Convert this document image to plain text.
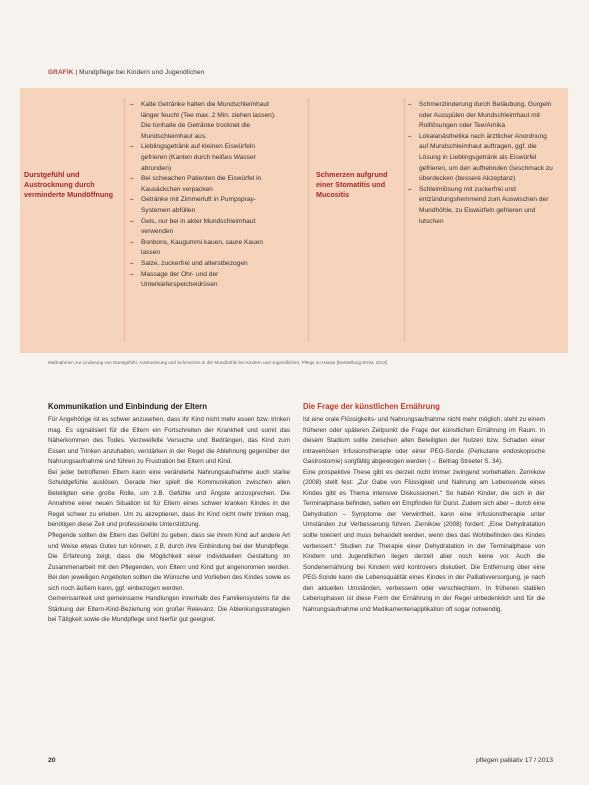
GRAFIK | Mundpflege bei Kindern und Jugendlichen
Durstgefühl und Austrocknung durch verminderte Mundöffnung
– Kalte Getränke halten die Mundschleimhaut länger feucht (Tee max. 2 Min. ziehen lassen). Die tonhalte de Getränke trocknet die Mundschleimhaut aus.
– Lieblingsgetränk auf kleinen Eiswürfeln gefrieren (Kanten durch heißes Wasser abrunden)
– Bei schwachen Patienten die Eiswürfel in Kausäckchen verpacken
– Getränke mit Zimmerluft in Pumpspray-Systemen abfüllen
– Gels, nur bei in akter Mundschleimhaut verwenden
– Bonbons, Kaugummi kauen, saure Kauen lassen
– Salze, zuckerfrei und alterstbezogen
– Massage der Ohr- und der Unterkieferspeicheldrüsen
Schmerzen aufgrund einer Stomatitis und Mucositis
– Schmerzlinderung durch Betäubung, Gurgeln oder Ausspülen der Mundschleimhaut mit Rolllösungen oder Tee/Arnika
– Lokalanästhetika nach ärztlicher Anordnung auf Mundschleimhaut auftragen, ggf. die Lösung in Lieblingsgetränk als Eiswürfel gefrieren, um den aufhebnden Geschmack zu überdecken (bessere Akzeptanz)
– Schleimlösung mit zuckerfrei und entzündungshemmend zum Auswischen der Mundhöhle, zu Eiswürfeln gefrieren und lutschen
Maßnahmen zur Linderung von Durstgefühl, Austrocknung und Schmerzen in der Mundhöhle bei Kindern und Jugendlichen, Pflege zu Hause [Darstellung Ernst, 2013]
Kommunikation und Einbindung der Eltern

Für Angehörige ist es schwer anzusehen, dass ihr Kind nicht mehr essen bzw. trinken mag. Es signalisiert für die Eltern ein Fortschreiten der Krankheit und somit das Näherkommen des Todes. Verzweifelte Versuche und Bedrängen, das Kind zum Essen und Trinken anzuhalten, verstärken in der Regel die Ablehnung gegenüber der Nahrungsaufnahme und führen zu Frustration bei Eltern und Kind.

Bei jeder betroffenen Eltern kann eine veränderte Nahrungsaufnahme auch starke Schuldgefühle auslösen. Gerade hier spielt die Kommunikation zwischen allen Beteiligten eine große Rolle, um z.B. Gefühle und Ängste anzusprechen. Die Annahme einer neuen Situation ist für Eltern eines schwer kranken Kindes in der Regel schwer zu erleben. Um zu akzeptieren, dass ihr Kind nicht mehr trinken mag, benötigen diese Zeit und professionelle Unterstützung.

Pflegende sollten die Eltern das Gefühl zu geben, dass sie ihrem Kind auf andere Art und Weise etwas Gutes tun können, z.B. durch ihre Einbindung bei der Mundpflege. Die Erfahrung zeigt, dass die Möglichkeit einer individuellen Gestaltung im Zusammenarbeit mit den Pflegenden, von Eltern und Kind gut angenommen werden. Bei den jeweiligen Angeboten sollten die Wünsche und Vorlieben des Kindes sowie es sich noch äußern kann, ggf. einbezogen werden.

Gemeinsamkeit und gemeinsame Handlungen innerhalb des Familiensystems für die Stärkung der Eltern-Kind-Beziehung von großer Relevanz. Die Ablenkungsstrategien bei Tätigkeit sowie die Mundpflege sind hierfür gut geeignet.

Die Frage der künstlichen Ernährung

Ist eine orale Flüssigkeits- und Nahrungsaufnahme nicht mehr möglich, steht zu einem früheren oder späteren Zeitpunkt die Frage der künstlichen Ernährung im Raum. In diesem Stadium sollte zwischen allen Beteiligten der Nutzen bzw. Schaden einer intravenösen Infusionstherapie oder einer PEG-Sonde (Perkutane endoskopische Gastrostomie) sorgfältig abgewogen werden (→ Beitrag Streeter S. 34).

Eine prospektive These gibt es derzeit nicht immer zwingend vorbehalten. Zernikow (2008) stellt fest: „Zur Gabe von Flüssigkeit und Nahrung am Lebensende eines Kindes gibt es Thema intensive Diskussionen.“ So haben Kinder, die sich in der Terminalphase befinden, selten ein Empfinden für Durst. Zudem sich aber – durch eine Dehydration – Symptome der Verwirrtheit, kann eine Infusionstherapie unter Umständen zur Verbesserung führen. Zernikow (2008) fordert: „Eine Dehydratation sollte toleriert und muss behandelt werden, wenn dies das Wohlbefinden des Kindes verbessert.“ Studien zur Therapie einer Dehydratation in der Terminalphase von Kindern und Jugendlichen liegen derzeit aber noch keine vor. Auch die Sondenernährung bei Kindern wird kontrovers diskutiert. Die Entfernung über eine PEG-Sonde kann die Lebensqualität eines Kindes in der Palliativversorgung, je nach den aktuellen Umständen, verbessern oder verschlechtern. In früheren stabilen Lebensphasen ist diese Form der Ernährung in der Regel unbedenklich und für die Nahrungsaufnahme und Medikamentenapplikation oft sogar notwendig.

20	pflegen palliativ 17 / 2013
